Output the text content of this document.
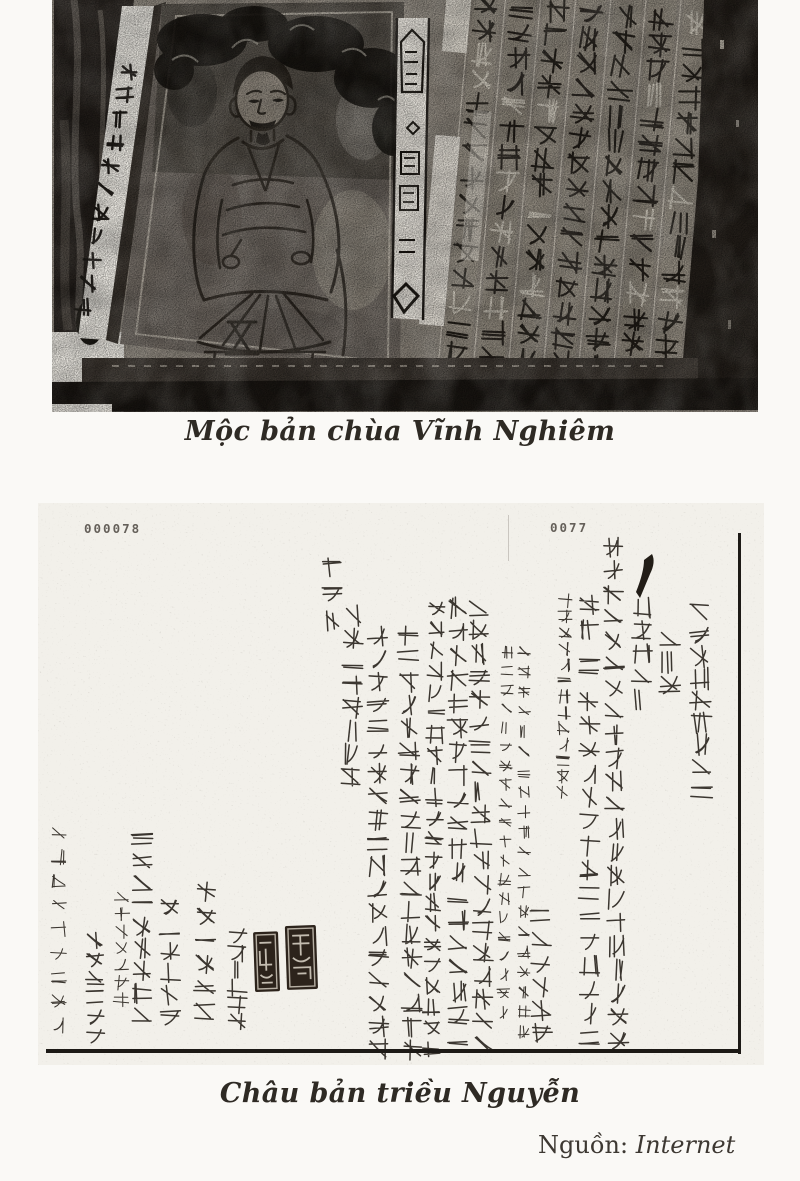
Mộc bản chùa Vĩnh Nghiêm
000078	0077
Châu bản triều Nguyễn
Nguồn: Internet
